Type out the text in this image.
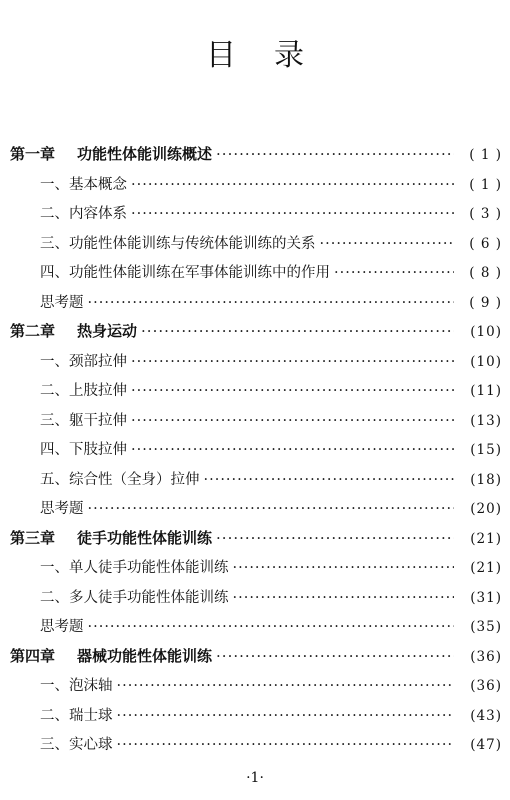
目录
第一章 功能性体能训练概述 ·····	( 1 )
一、基本概念 ·····	( 1 )
二、内容体系 ·····	( 3 )
三、功能性体能训练与传统体能训练的关系 ·····	( 6 )
四、功能性体能训练在军事体能训练中的作用 ·····	( 8 )
思考题 ·····	( 9 )
第二章 热身运动 ·····	(10)
一、颈部拉伸 ·····	(10)
二、上肢拉伸 ·····	(11)
三、躯干拉伸 ·····	(13)
四、下肢拉伸 ·····	(15)
五、综合性（全身）拉伸 ·····	(18)
思考题 ·····	(20)
第三章 徒手功能性体能训练 ·····	(21)
一、单人徒手功能性体能训练 ·····	(21)
二、多人徒手功能性体能训练 ·····	(31)
思考题 ·····	(35)
第四章 器械功能性体能训练 ·····	(36)
一、泡沫轴 ·····	(36)
二、瑞士球 ·····	(43)
三、实心球 ·····	(47)
·1·
